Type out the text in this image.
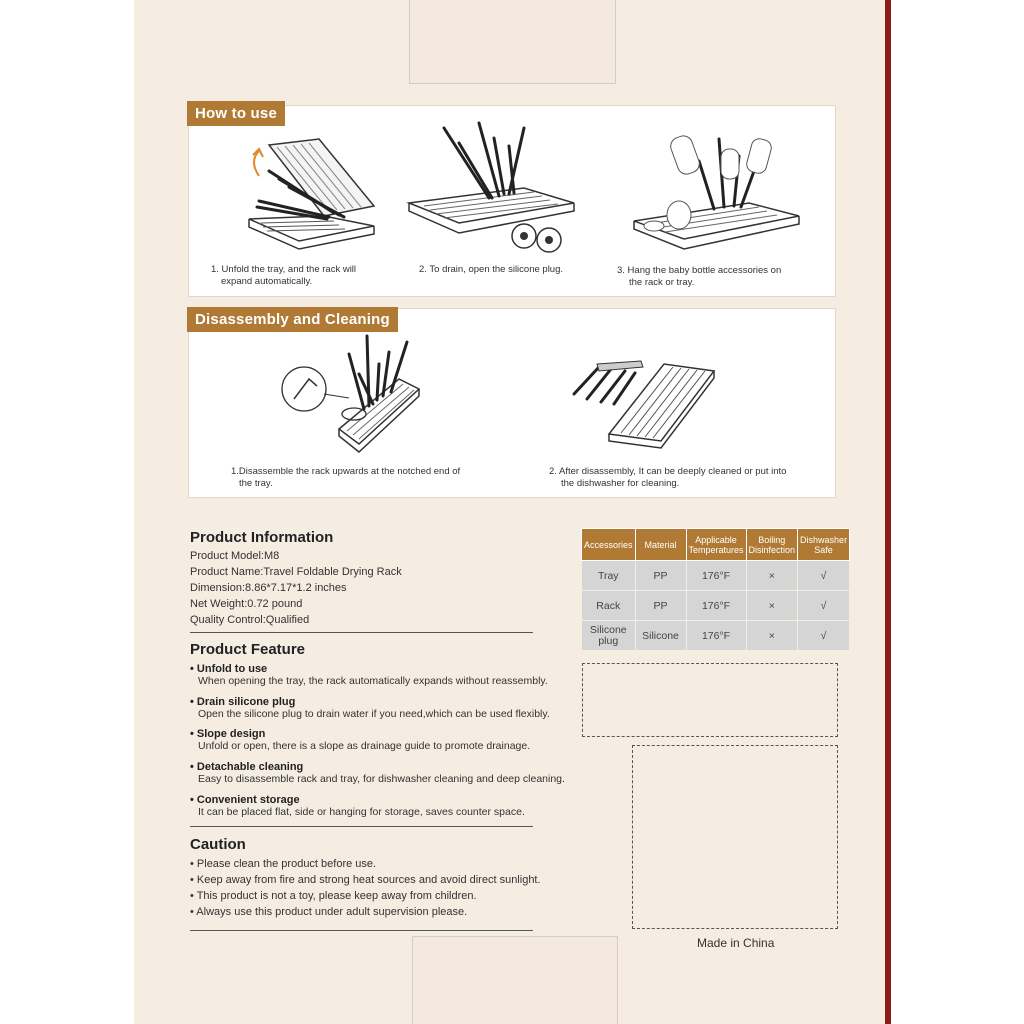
1. Unfold the tray, and the rack will
expand automatically.
2. To drain, open the silicone plug.	3. Hang the baby bottle accessories on
the rack or tray.
How to use
1.Disassemble the rack upwards at the notched end of
the tray.
2. After disassembly, It can be deeply cleaned or put into
the dishwasher for cleaning.
Disassembly and Cleaning
Product Information
Product Model:M8
Product Name:Travel Foldable Drying Rack
Dimension:8.86*7.17*1.2 inches
Net Weight:0.72 pound
Quality Control:Qualified
Product Feature
• Unfold to use
When opening the tray, the rack automatically expands without reassembly.
• Drain silicone plug
Open the silicone plug to drain water if you need,which can be used flexibly.
• Slope design
Unfold or open, there is a slope as drainage guide to promote drainage.
• Detachable cleaning
Easy to disassemble rack and tray, for dishwasher cleaning and deep cleaning.
• Convenient storage
It can be placed flat, side or hanging for storage, saves counter space.
Caution
• Please clean the product before use.
• Keep away from fire and strong heat sources and avoid direct sunlight.
• This product is not a toy, please keep away from children.
• Always use this product under adult supervision please.
Accessories	Material	Applicable Temperatures	Boiling Disinfection	Dishwasher Safe
Tray	PP	176°F	×	√
Rack	PP	176°F	×	√
Silicone plug	Silicone	176°F	×	√
Made in China
